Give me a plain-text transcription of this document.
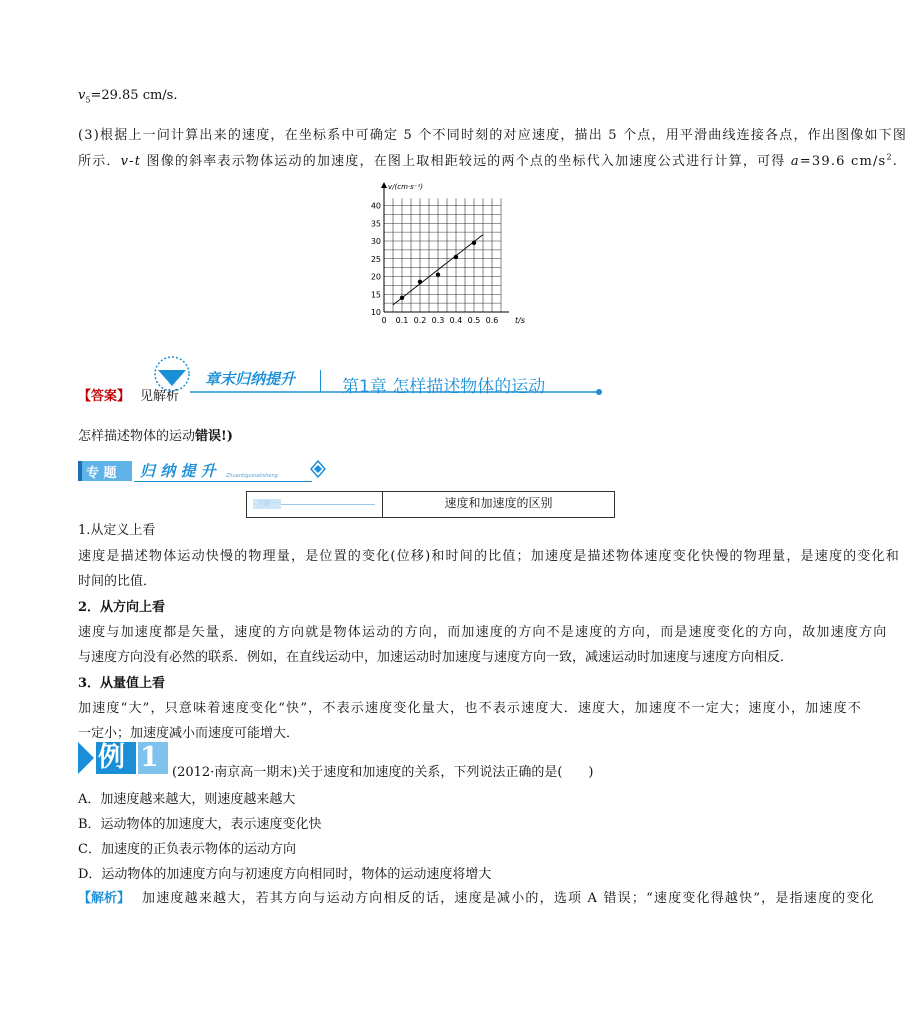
$v_5=29.85$ cm/s.
(3)根据上一问计算出来的速度，在坐标系中可确定 5 个不同时刻的对应速度，描出 5 个点，用平滑曲线连接各点，作出图像如下图
所示．v-t 图像的斜率表示物体运动的加速度，在图上取相距较远的两个点的坐标代入加速度公式进行计算，可得 a=39.6 $cm/s^2$.
0 0.1 0.2 0.3 0.4 0.5 0.6
10
15
20
25
30
35
40
t/s
v/(cm·s⁻¹)
【答案】 见解析
章末归纳提升	第1章 怎样描述物体的运动
怎样描述物体的运动错误!)
专 题 归 纳 提 升 Zhuantiguinatisheng
专题一	速度和加速度的区别
1.从定义上看
速度是描述物体运动快慢的物理量，是位置的变化(位移)和时间的比值；加速度是描述物体速度变化快慢的物理量，是速度的变化和
时间的比值．
2．从方向上看
速度与加速度都是矢量，速度的方向就是物体运动的方向，而加速度的方向不是速度的方向，而是速度变化的方向，故加速度方向
与速度方向没有必然的联系．例如，在直线运动中，加速运动时加速度与速度方向一致，减速运动时加速度与速度方向相反．
3．从量值上看
加速度“大”，只意味着速度变化“快”，不表示速度变化量大，也不表示速度大．速度大，加速度不一定大；速度小，加速度不
一定小；加速度减小而速度可能增大．
例 1 (2012·南京高一期末)关于速度和加速度的关系，下列说法正确的是(　　)
A．加速度越来越大，则速度越来越大
B．运动物体的加速度大，表示速度变化快
C．加速度的正负表示物体的运动方向
D．运动物体的加速度方向与初速度方向相同时，物体的运动速度将增大
【解析】 加速度越来越大，若其方向与运动方向相反的话，速度是减小的，选项 A 错误；“速度变化得越快”，是指速度的变化
